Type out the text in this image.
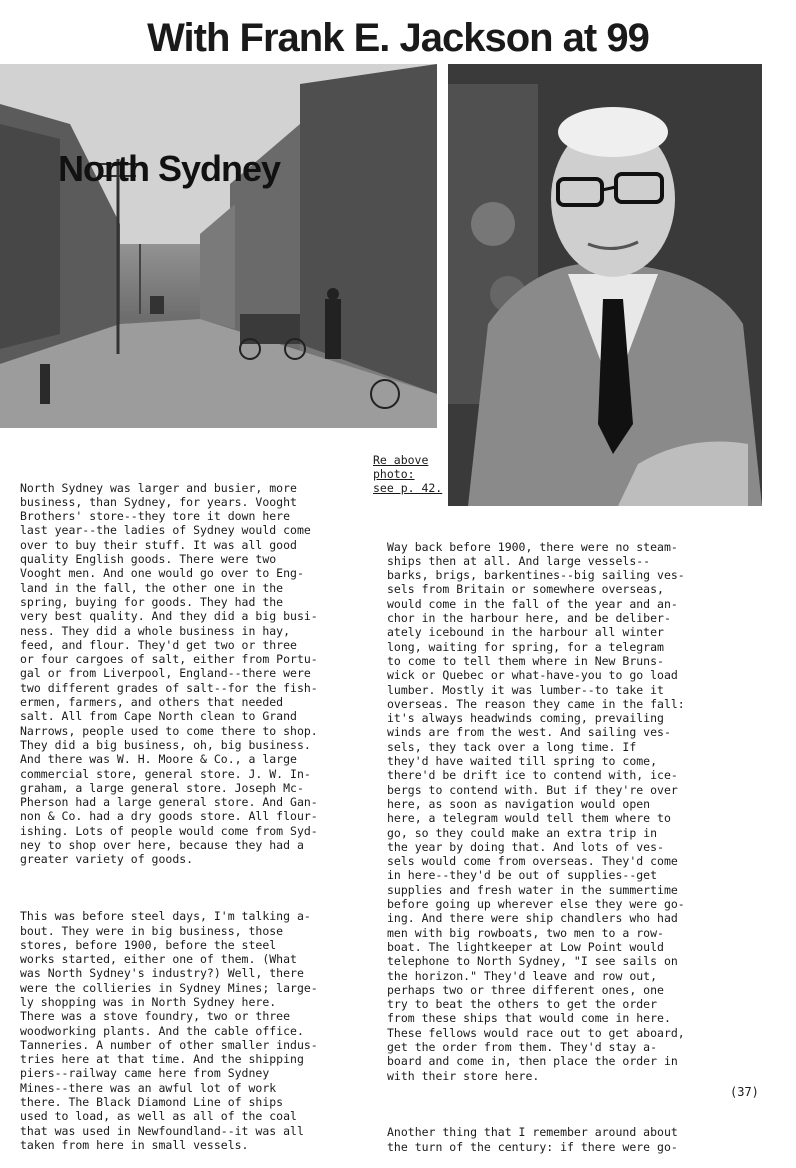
With Frank E. Jackson at 99
North Sydney
Re above
photo:
see p. 42.

North Sydney was larger and busier, more
business, than Sydney, for years. Vooght
Brothers' store--they tore it down here
last year--the ladies of Sydney would come
over to buy their stuff. It was all good
quality English goods. There were two
Vooght men. And one would go over to Eng-
land in the fall, the other one in the
spring, buying for goods. They had the
very best quality. And they did a big busi-
ness. They did a whole business in hay,
feed, and flour. They'd get two or three
or four cargoes of salt, either from Portu-
gal or from Liverpool, England--there were
two different grades of salt--for the fish-
ermen, farmers, and others that needed
salt. All from Cape North clean to Grand
Narrows, people used to come there to shop.
They did a big business, oh, big business.
And there was W. H. Moore & Co., a large
commercial store, general store. J. W. In-
graham, a large general store. Joseph Mc-
Pherson had a large general store. And Gan-
non & Co. had a dry goods store. All flour-
ishing. Lots of people would come from Syd-
ney to shop over here, because they had a
greater variety of goods.

This was before steel days, I'm talking a-
bout. They were in big business, those
stores, before 1900, before the steel
works started, either one of them. (What
was North Sydney's industry?) Well, there
were the collieries in Sydney Mines; large-
ly shopping was in North Sydney here.
There was a stove foundry, two or three
woodworking plants. And the cable office.
Tanneries. A number of other smaller indus-
tries here at that time. And the shipping
piers--railway came here from Sydney
Mines--there was an awful lot of work
there. The Black Diamond Line of ships
used to load, as well as all of the coal
that was used in Newfoundland--it was all
taken from here in small vessels.

Way back before 1900, there were no steam-
ships then at all. And large vessels--
barks, brigs, barkentines--big sailing ves-
sels from Britain or somewhere overseas,
would come in the fall of the year and an-
chor in the harbour here, and be deliber-
ately icebound in the harbour all winter
long, waiting for spring, for a telegram
to come to tell them where in New Bruns-
wick or Quebec or what-have-you to go load
lumber. Mostly it was lumber--to take it
overseas. The reason they came in the fall:
it's always headwinds coming, prevailing
winds are from the west. And sailing ves-
sels, they tack over a long time. If
they'd have waited till spring to come,
there'd be drift ice to contend with, ice-
bergs to contend with. But if they're over
here, as soon as navigation would open
here, a telegram would tell them where to
go, so they could make an extra trip in
the year by doing that. And lots of ves-
sels would come from overseas. They'd come
in here--they'd be out of supplies--get
supplies and fresh water in the summertime
before going up wherever else they were go-
ing. And there were ship chandlers who had
men with big rowboats, two men to a row-
boat. The lightkeeper at Low Point would
telephone to North Sydney, "I see sails on
the horizon." They'd leave and row out,
perhaps two or three different ones, one
try to beat the others to get the order
from these ships that would come in here.
These fellows would race out to get aboard,
get the order from them. They'd stay a-
board and come in, then place the order in
with their store here.

Another thing that I remember around about
the turn of the century: if there were go-

(37)
